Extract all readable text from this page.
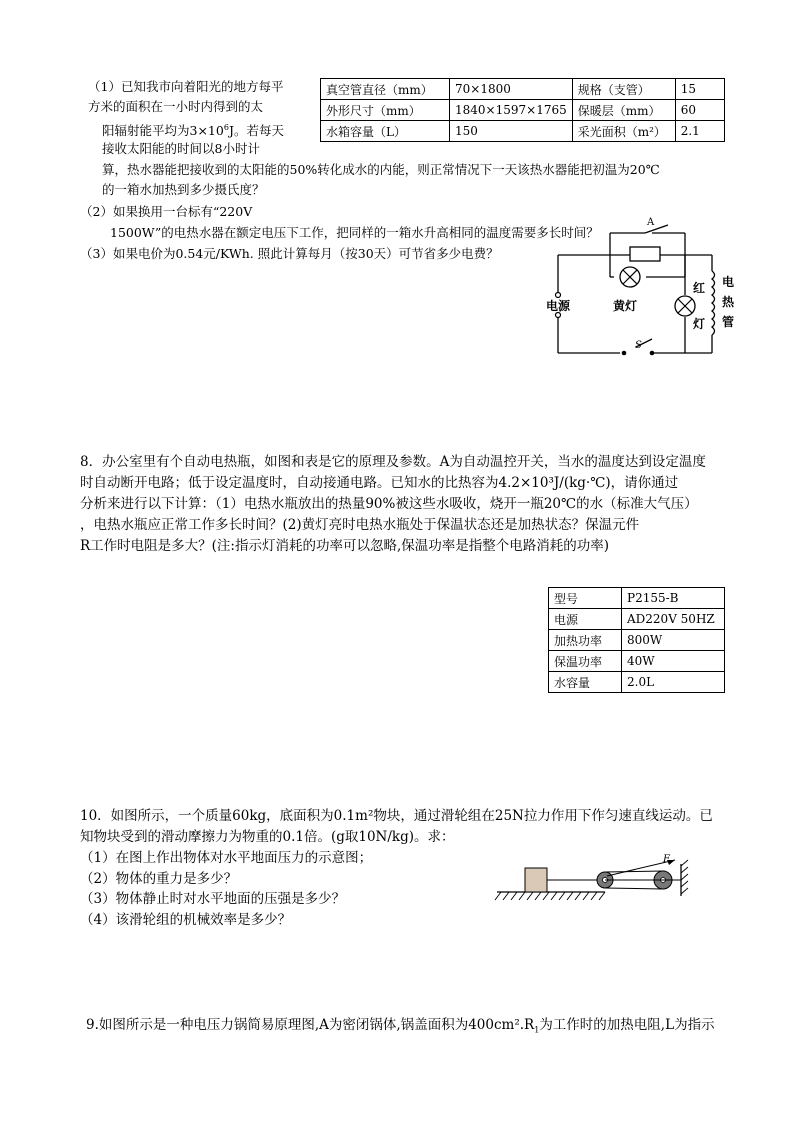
（1）已知我市向着阳光的地方每平
方米的面积在一小时内得到的太
阳辐射能平均为$3\times 10^6J$。若每天
接收太阳能的时间以8小时计
算，热水器能把接收到的太阳能的50%转化成水的内能，则正常情况下一天该热水器能把初温为20℃
的一箱水加热到多少摄氏度？
（2）如果换用一台标有“220V
1500W”的电热水器在额定电压下工作，把同样的一箱水升高相同的温度需要多长时间？
（3）如果电价为0.54元/KWh. 照此计算每月（按30天）可节省多少电费？
真空管直径（mm）	70×1800	规格（支管）	15
外形尺寸（mm）	1840×1597×1765	保暖层（mm）	60
水箱容量（L）	150	采光面积（m²）	2.1
A
电源	黄灯
红
灯
电
热
管
S
8．办公室里有个自动电热瓶，如图和表是它的原理及参数。A为自动温控开关，当水的温度达到设定温度
时自动断开电路；低于设定温度时，自动接通电路。已知水的比热容为4.2×10³J/(kg·℃)，请你通过
分析来进行以下计算：（1）电热水瓶放出的热量90%被这些水吸收，烧开一瓶20℃的水（标准大气压）
，电热水瓶应正常工作多长时间？(2)黄灯亮时电热水瓶处于保温状态还是加热状态？保温元件
R工作时电阻是多大？(注:指示灯消耗的功率可以忽略,保温功率是指整个电路消耗的功率)
型号	P2155-B
电源	AD220V 50HZ
加热功率	800W
保温功率	40W
水容量	2.0L
10．如图所示，一个质量60kg，底面积为0.1m²物块，通过滑轮组在25N拉力作用下作匀速直线运动。已
知物块受到的滑动摩擦力为物重的0.1倍。(g取10N/kg)。求：
（1）在图上作出物体对水平地面压力的示意图；
（2）物体的重力是多少？
（3）物体静止时对水平地面的压强是多少？
（4）该滑轮组的机械效率是多少？
F
9.如图所示是一种电压力锅简易原理图,A为密闭锅体,锅盖面积为$400cm^2.R_1$为工作时的加热电阻,L为指示
